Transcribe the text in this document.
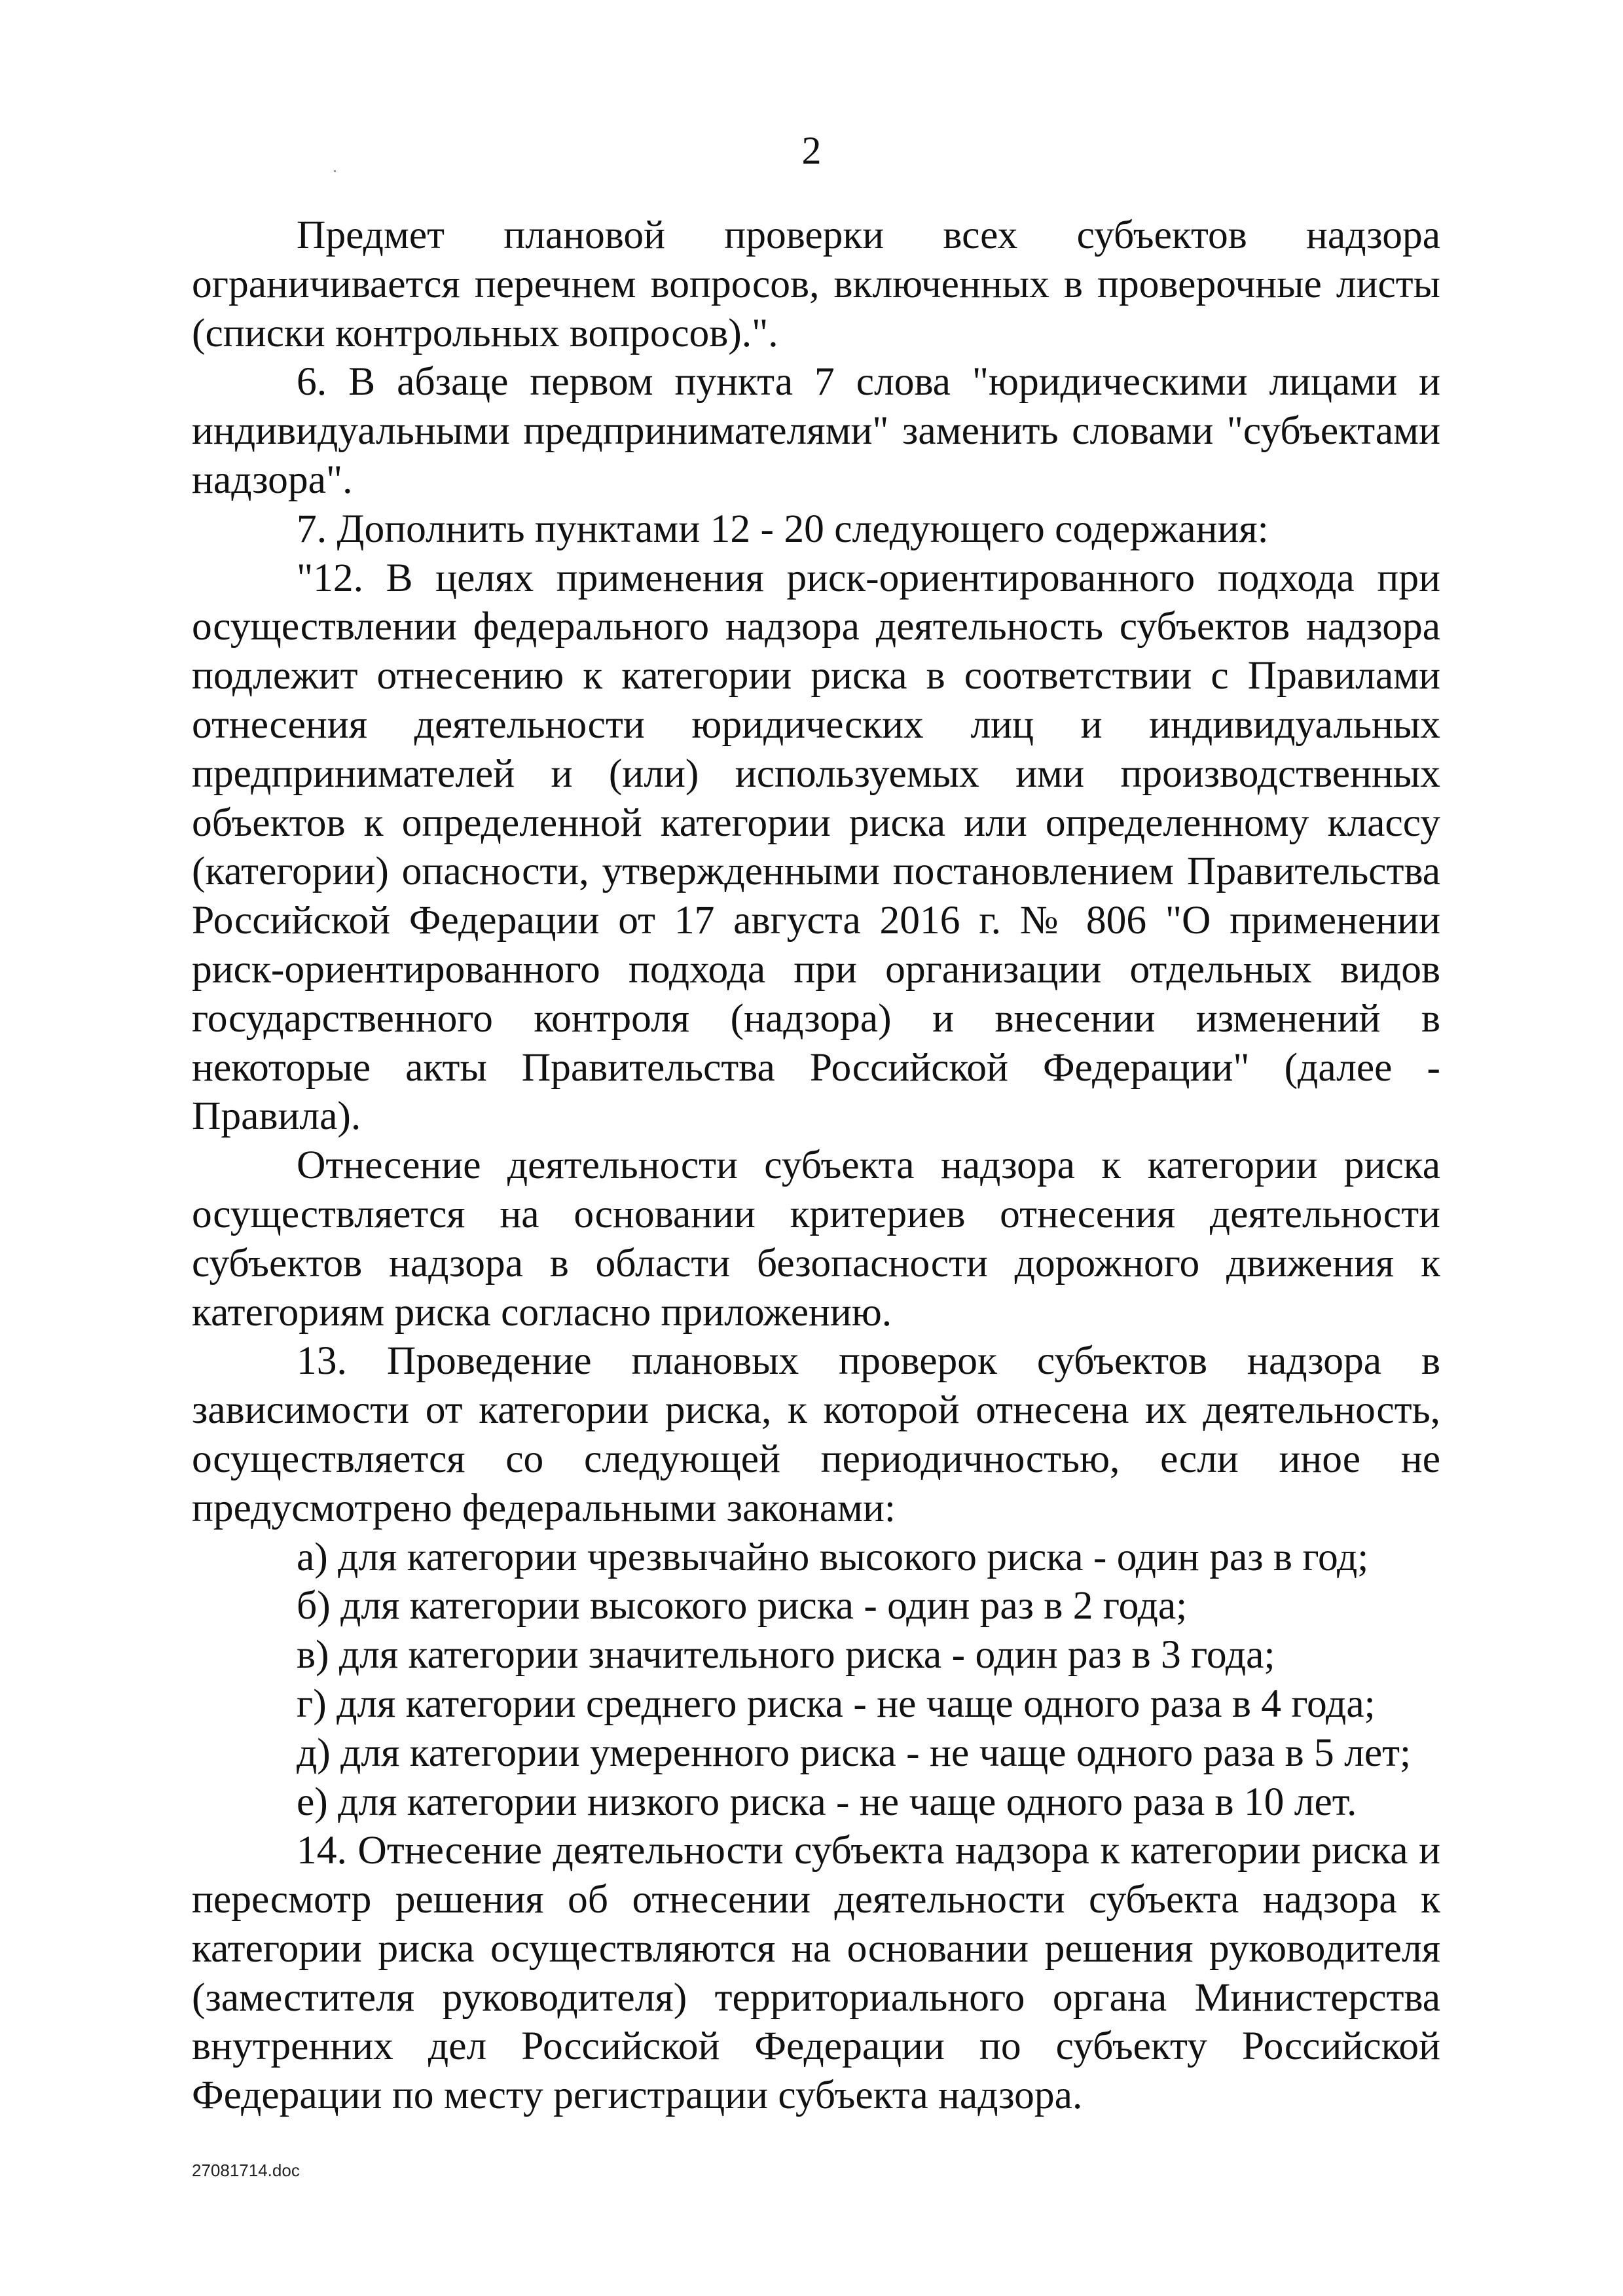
2

Предмет плановой проверки всех субъектов надзора ограничивается перечнем вопросов, включенных в проверочные листы (списки контрольных вопросов).".

6. В абзаце первом пункта 7 слова "юридическими лицами и индивидуальными предпринимателями" заменить словами "субъектами надзора".

7. Дополнить пунктами 12 - 20 следующего содержания:

"12. В целях применения риск-ориентированного подхода при осуществлении федерального надзора деятельность субъектов надзора подлежит отнесению к категории риска в соответствии с Правилами отнесения деятельности юридических лиц и индивидуальных предпринимателей и (или) используемых ими производственных объектов к определенной категории риска или определенному классу (категории) опасности, утвержденными постановлением Правительства Российской Федерации от 17 августа 2016 г. № 806 "О применении риск-ориентированного подхода при организации отдельных видов государственного контроля (надзора) и внесении изменений в некоторые акты Правительства Российской Федерации" (далее - Правила).

Отнесение деятельности субъекта надзора к категории риска осуществляется на основании критериев отнесения деятельности субъектов надзора в области безопасности дорожного движения к категориям риска согласно приложению.

13. Проведение плановых проверок субъектов надзора в зависимости от категории риска, к которой отнесена их деятельность, осуществляется со следующей периодичностью, если иное не предусмотрено федеральными законами:

а) для категории чрезвычайно высокого риска - один раз в год;

б) для категории высокого риска - один раз в 2 года;

в) для категории значительного риска - один раз в 3 года;

г) для категории среднего риска - не чаще одного раза в 4 года;

д) для категории умеренного риска - не чаще одного раза в 5 лет;

е) для категории низкого риска - не чаще одного раза в 10 лет.

14. Отнесение деятельности субъекта надзора к категории риска и пересмотр решения об отнесении деятельности субъекта надзора к категории риска осуществляются на основании решения руководителя (заместителя руководителя) территориального органа Министерства внутренних дел Российской Федерации по субъекту Российской Федерации по месту регистрации субъекта надзора.

27081714.doc
